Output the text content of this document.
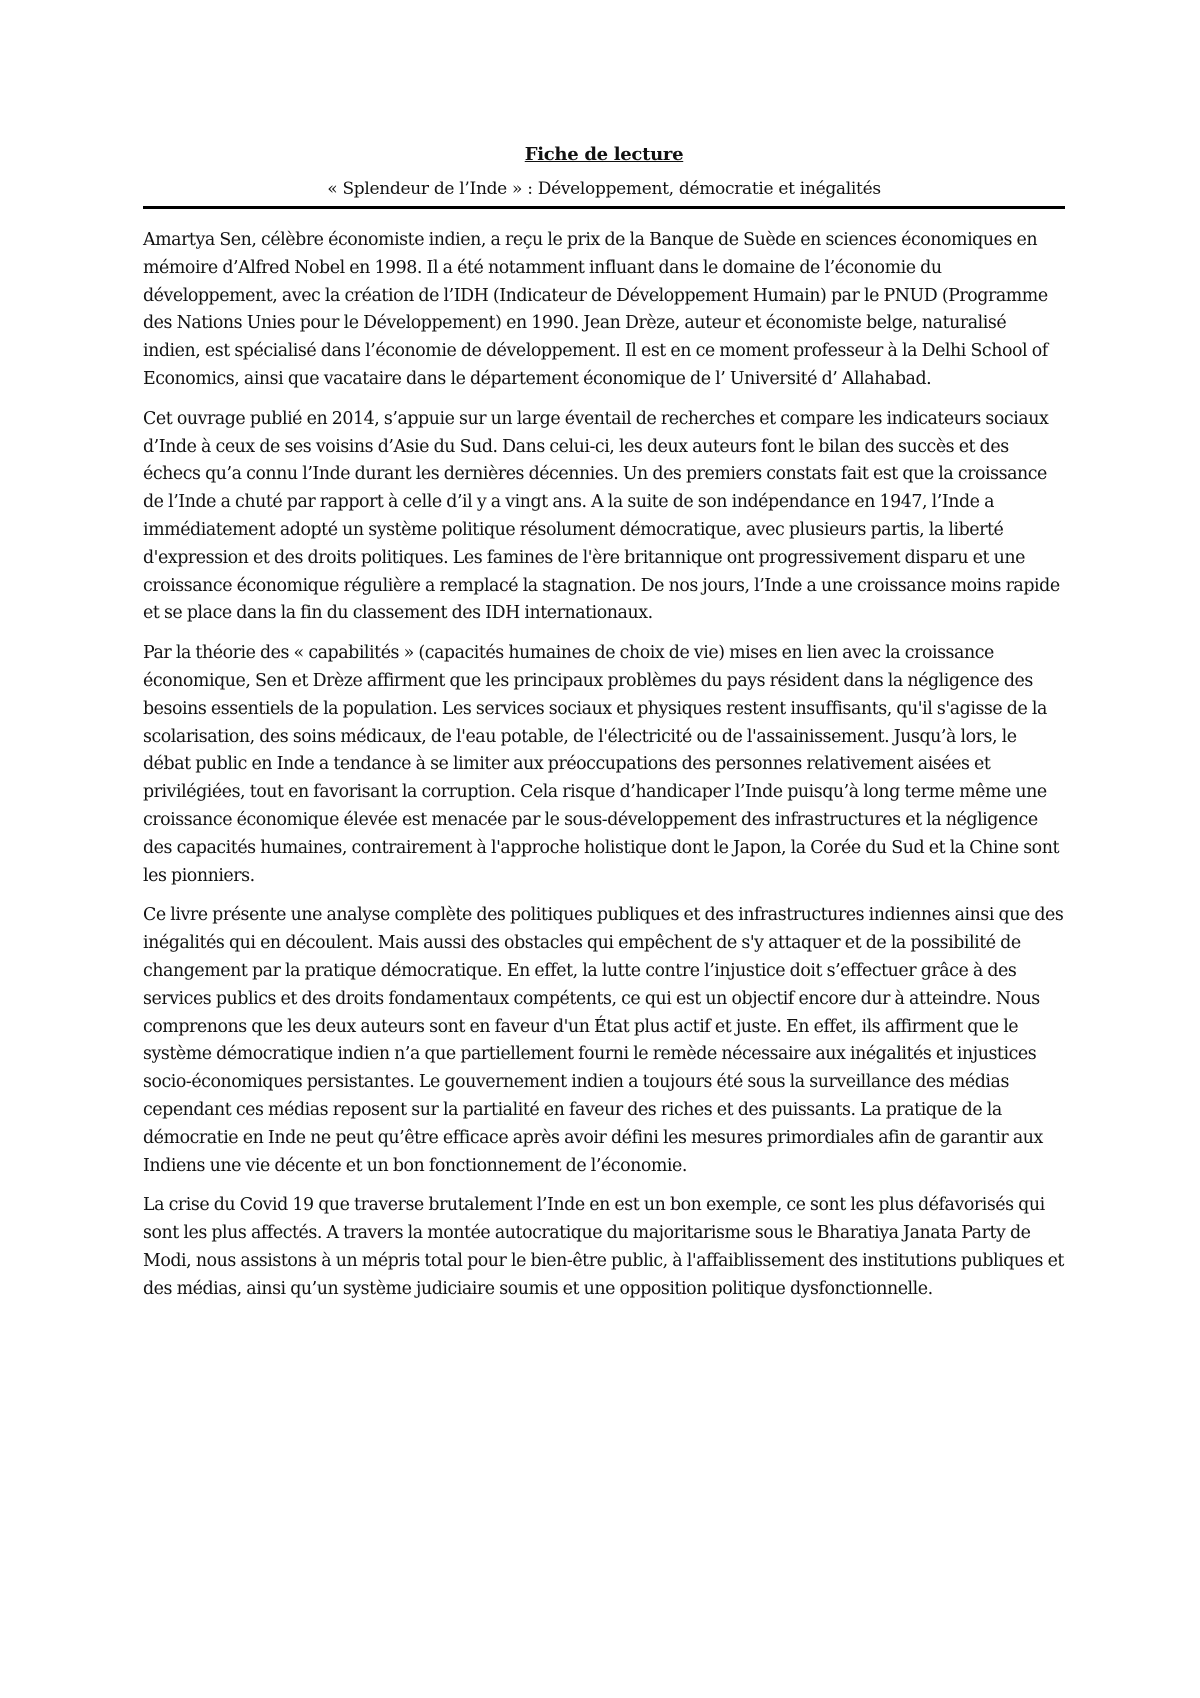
Fiche de lecture
« Splendeur de l’Inde » : Développement, démocratie et inégalités

Amartya Sen, célèbre économiste indien, a reçu le prix de la Banque de Suède en sciences économiques en mémoire d’Alfred Nobel en 1998. Il a été notamment influant dans le domaine de l’économie du développement, avec la création de l’IDH (Indicateur de Développement Humain) par le PNUD (Programme des Nations Unies pour le Développement) en 1990. Jean Drèze, auteur et économiste belge, naturalisé indien, est spécialisé dans l’économie de développement. Il est en ce moment professeur à la Delhi School of Economics, ainsi que vacataire dans le département économique de l’ Université d’ Allahabad.

Cet ouvrage publié en 2014, s’appuie sur un large éventail de recherches et compare les indicateurs sociaux d’Inde à ceux de ses voisins d’Asie du Sud. Dans celui-ci, les deux auteurs font le bilan des succès et des échecs qu’a connu l’Inde durant les dernières décennies. Un des premiers constats fait est que la croissance de l’Inde a chuté par rapport à celle d’il y a vingt ans. A la suite de son indépendance en 1947, l’Inde a immédiatement adopté un système politique résolument démocratique, avec plusieurs partis, la liberté d'expression et des droits politiques. Les famines de l'ère britannique ont progressivement disparu et une croissance économique régulière a remplacé la stagnation. De nos jours, l’Inde a une croissance moins rapide et se place dans la fin du classement des IDH internationaux.

Par la théorie des « capabilités » (capacités humaines de choix de vie) mises en lien avec la croissance économique, Sen et Drèze affirment que les principaux problèmes du pays résident dans la négligence des besoins essentiels de la population. Les services sociaux et physiques restent insuffisants, qu'il s'agisse de la scolarisation, des soins médicaux, de l'eau potable, de l'électricité ou de l'assainissement. Jusqu’à lors, le débat public en Inde a tendance à se limiter aux préoccupations des personnes relativement aisées et privilégiées, tout en favorisant la corruption. Cela risque d’handicaper l’Inde puisqu’à long terme même une croissance économique élevée est menacée par le sous-développement des infrastructures et la négligence des capacités humaines, contrairement à l'approche holistique dont le Japon, la Corée du Sud et la Chine sont les pionniers.

Ce livre présente une analyse complète des politiques publiques et des infrastructures indiennes ainsi que des inégalités qui en découlent. Mais aussi des obstacles qui empêchent de s'y attaquer et de la possibilité de changement par la pratique démocratique. En effet, la lutte contre l’injustice doit s’effectuer grâce à des services publics et des droits fondamentaux compétents, ce qui est un objectif encore dur à atteindre. Nous comprenons que les deux auteurs sont en faveur d'un État plus actif et juste. En effet, ils affirment que le système démocratique indien n’a que partiellement fourni le remède nécessaire aux inégalités et injustices socio-économiques persistantes. Le gouvernement indien a toujours été sous la surveillance des médias cependant ces médias reposent sur la partialité en faveur des riches et des puissants. La pratique de la démocratie en Inde ne peut qu’être efficace après avoir défini les mesures primordiales afin de garantir aux Indiens une vie décente et un bon fonctionnement de l’économie.

La crise du Covid 19 que traverse brutalement l’Inde en est un bon exemple, ce sont les plus défavorisés qui sont les plus affectés. A travers la montée autocratique du majoritarisme sous le Bharatiya Janata Party de Modi, nous assistons à un mépris total pour le bien-être public, à l'affaiblissement des institutions publiques et des médias, ainsi qu’un système judiciaire soumis et une opposition politique dysfonctionnelle.
